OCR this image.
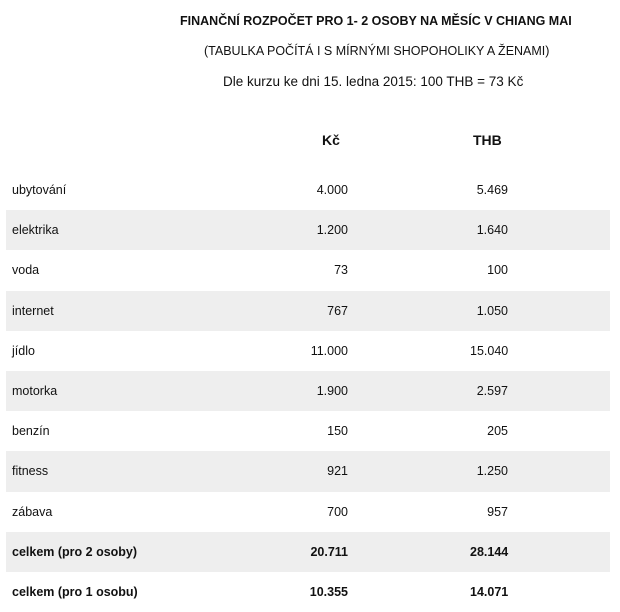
FINANČNÍ ROZPOČET PRO 1- 2 OSOBY NA MĚSÍC V CHIANG MAI
(TABULKA POČÍTÁ I S MÍRNÝMI SHOPOHOLIKY A ŽENAMI)
Dle kurzu ke dni 15. ledna 2015: 100 THB = 73 Kč
Kč	THB
ubytování	4.000	5.469
elektrika	1.200	1.640
voda	73	100
internet	767	1.050
jídlo	11.000	15.040
motorka	1.900	2.597
benzín	150	205
fitness	921	1.250
zábava	700	957
celkem (pro 2 osoby)	20.711	28.144
celkem (pro 1 osobu)	10.355	14.071
